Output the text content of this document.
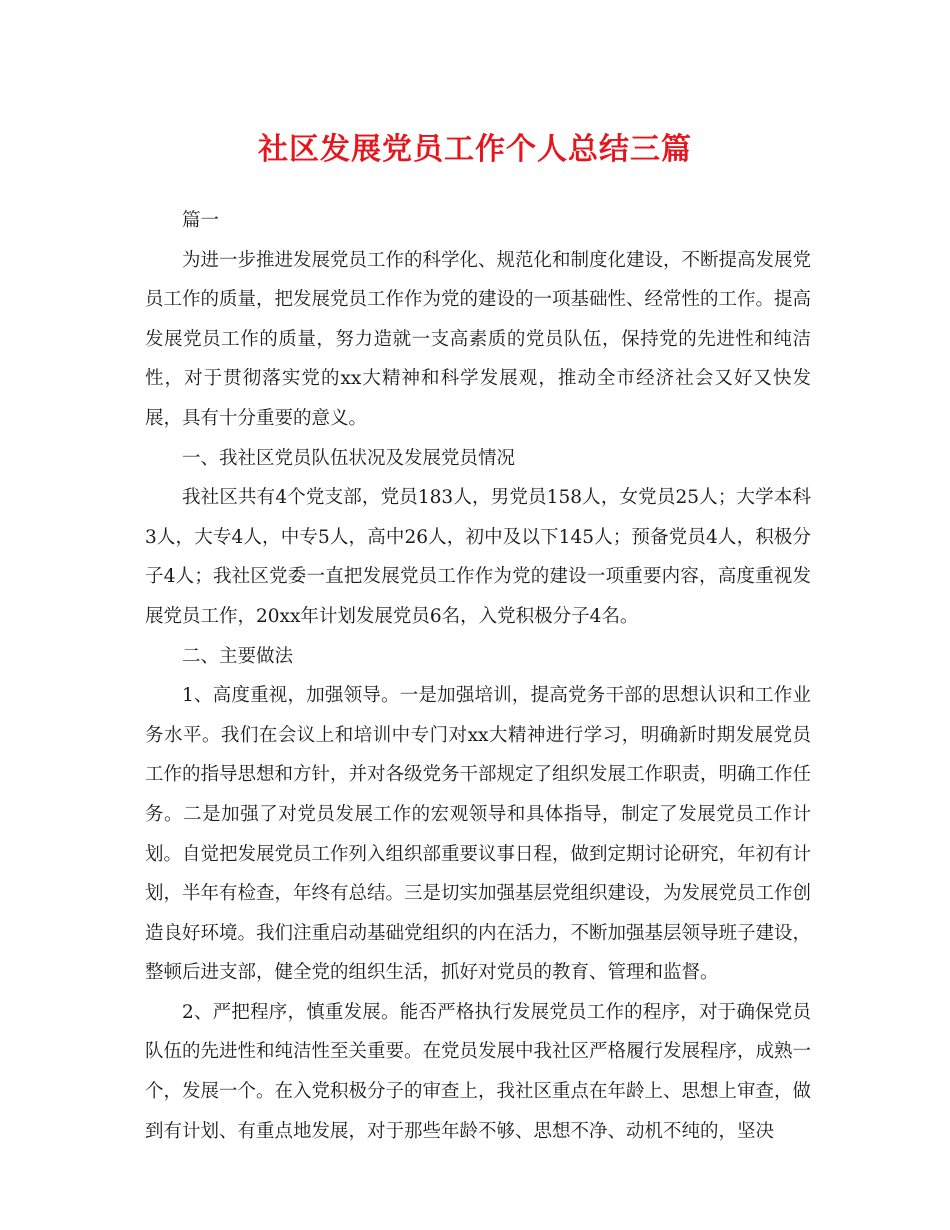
社区发展党员工作个人总结三篇

篇一

为进一步推进发展党员工作的科学化、规范化和制度化建设，不断提高发展党员工作的质量，把发展党员工作作为党的建设的一项基础性、经常性的工作。提高发展党员工作的质量，努力造就一支高素质的党员队伍，保持党的先进性和纯洁性，对于贯彻落实党的xx大精神和科学发展观，推动全市经济社会又好又快发展，具有十分重要的意义。

一、我社区党员队伍状况及发展党员情况

我社区共有4个党支部，党员183人，男党员158人，女党员25人；大学本科3人，大专4人，中专5人，高中26人，初中及以下145人；预备党员4人，积极分子4人；我社区党委一直把发展党员工作作为党的建设一项重要内容，高度重视发展党员工作，20xx年计划发展党员6名，入党积极分子4名。

二、主要做法

1、高度重视，加强领导。一是加强培训，提高党务干部的思想认识和工作业务水平。我们在会议上和培训中专门对xx大精神进行学习，明确新时期发展党员工作的指导思想和方针，并对各级党务干部规定了组织发展工作职责，明确工作任务。二是加强了对党员发展工作的宏观领导和具体指导，制定了发展党员工作计划。自觉把发展党员工作列入组织部重要议事日程，做到定期讨论研究，年初有计划，半年有检查，年终有总结。三是切实加强基层党组织建设，为发展党员工作创造良好环境。我们注重启动基础党组织的内在活力，不断加强基层领导班子建设，整顿后进支部，健全党的组织生活，抓好对党员的教育、管理和监督。

2、严把程序，慎重发展。能否严格执行发展党员工作的程序，对于确保党员队伍的先进性和纯洁性至关重要。在党员发展中我社区严格履行发展程序，成熟一个，发展一个。在入党积极分子的审查上，我社区重点在年龄上、思想上审查，做到有计划、有重点地发展，对于那些年龄不够、思想不净、动机不纯的，坚决
